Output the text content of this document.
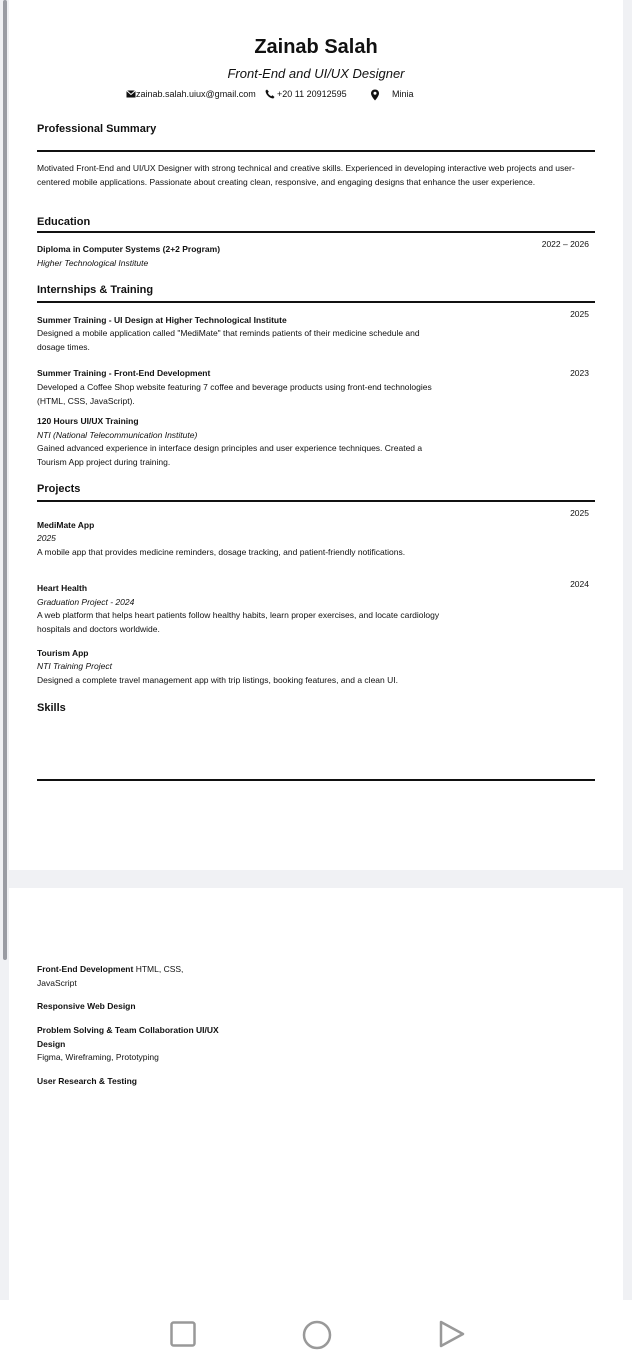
Zainab Salah
Front-End and UI/UX Designer
zainab.salah.uiux@gmail.com +20 11 20912595	Minia
Professional Summary
Motivated Front-End and UI/UX Designer with strong technical and creative skills. Experienced in developing interactive web projects and user-centered mobile applications. Passionate about creating clean, responsive, and engaging designs that enhance the user experience.
Education
Diploma in Computer Systems (2+2 Program)
Higher Technological Institute
2022 – 2026
Internships & Training
Summer Training - UI Design at Higher Technological Institute
2025
Designed a mobile application called "MediMate" that reminds patients of their medicine schedule and
dosage times.
Summer Training - Front-End Development	2023
Developed a Coffee Shop website featuring 7 coffee and beverage products using front-end technologies
(HTML, CSS, JavaScript).
120 Hours UI/UX Training
NTI (National Telecommunication Institute)
Gained advanced experience in interface design principles and user experience techniques. Created a
Tourism App project during training.
Projects
MediMate App
2025
2025
A mobile app that provides medicine reminders, dosage tracking, and patient-friendly notifications.
Heart Health	2024
Graduation Project - 2024
A web platform that helps heart patients follow healthy habits, learn proper exercises, and locate cardiology
hospitals and doctors worldwide.
Tourism App
NTI Training Project
Designed a complete travel management app with trip listings, booking features, and a clean UI.
Skills
Front-End Development HTML, CSS,
JavaScript
Responsive Web Design
Problem Solving & Team Collaboration UI/UX
Design
Figma, Wireframing, Prototyping
User Research & Testing
